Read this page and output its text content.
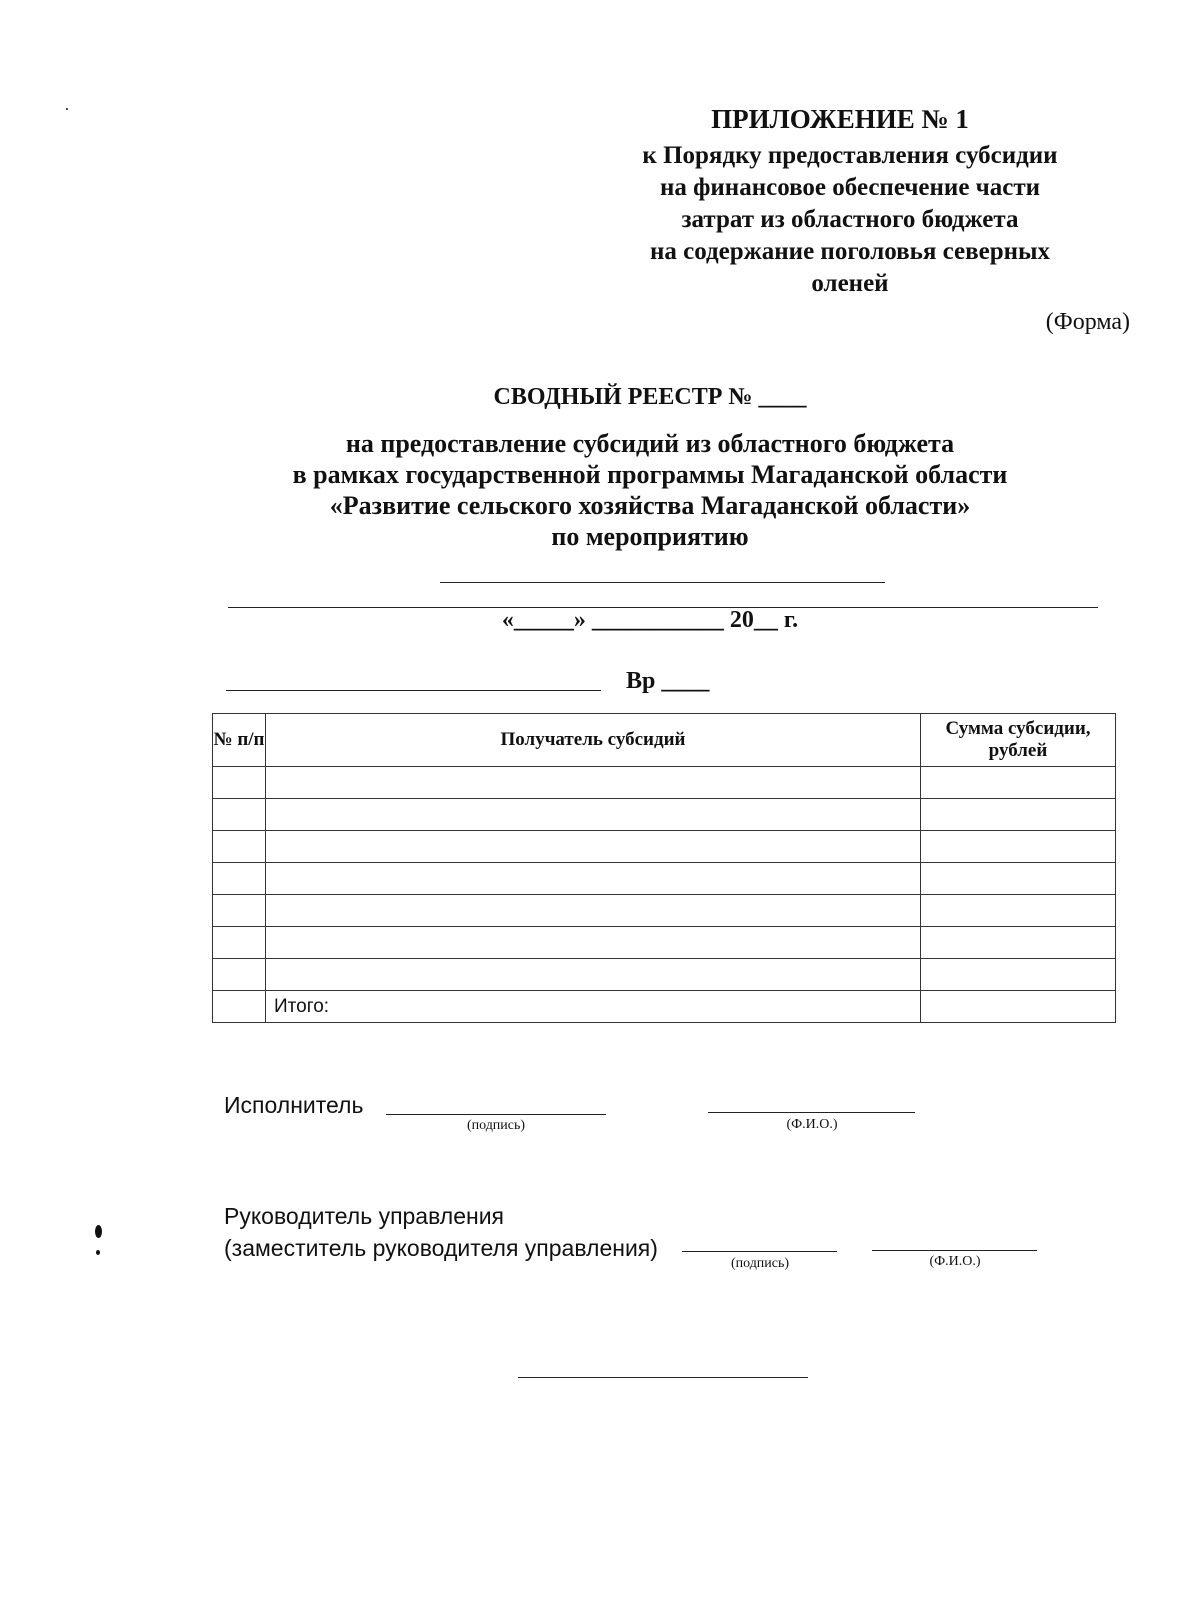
ПРИЛОЖЕНИЕ № 1
к Порядку предоставления субсидии
на финансовое обеспечение части
затрат из областного бюджета
на содержание поголовья северных
оленей
(Форма)
СВОДНЫЙ РЕЕСТР № ____
на предоставление субсидий из областного бюджета
в рамках государственной программы Магаданской области
«Развитие сельского хозяйства Магаданской области»
по мероприятию
«_____» ___________ 20__ г.
Вр ____
№ п/п	Получатель субсидий	Сумма субсидии, рублей

	Итого:	
Исполнитель
(подпись)	(Ф.И.О.)
Руководитель управления
(заместитель руководителя управления)
(подпись)	(Ф.И.О.)
